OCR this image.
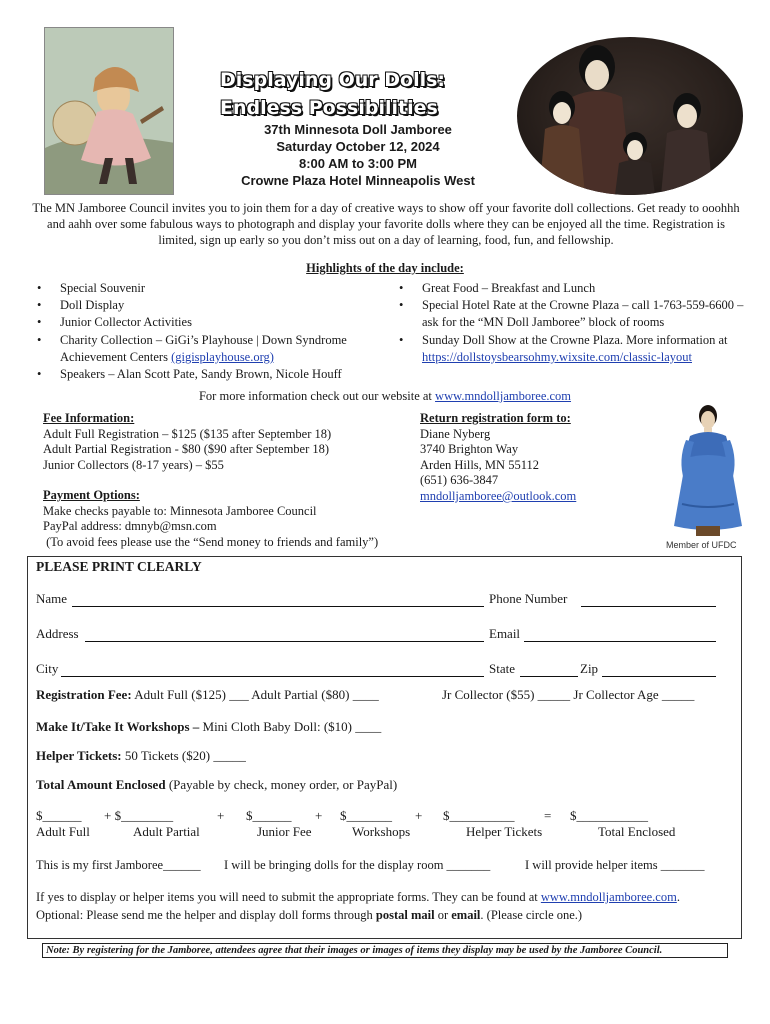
Displaying Our Dolls:
Endless Possibilities
37th Minnesota Doll Jamboree
Saturday October 12, 2024
8:00 AM to 3:00 PM
Crowne Plaza Hotel Minneapolis West
The MN Jamboree Council invites you to join them for a day of creative ways to show off your favorite doll collections. Get ready to ooohhh and aahh over some fabulous ways to photograph and display your favorite dolls where they can be enjoyed all the time. Registration is limited, sign up early so you don’t miss out on a day of learning, food, fun, and fellowship.
Highlights of the day include:
• Special Souvenir
• Doll Display
• Junior Collector Activities
• Charity Collection – GiGi’s Playhouse | Down Syndrome Achievement Centers (gigisplayhouse.org)
• Speakers – Alan Scott Pate, Sandy Brown, Nicole Houff
• Great Food – Breakfast and Lunch
• Special Hotel Rate at the Crowne Plaza – call 1-763-559-6600 – ask for the “MN Doll Jamboree” block of rooms
• Sunday Doll Show at the Crowne Plaza. More information at
https://dollstoysbearsohmy.wixsite.com/classic-layout
For more information check out our website at www.mndolljamboree.com
Fee Information:
Adult Full Registration – $125 ($135 after September 18)
Adult Partial Registration - $80 ($90 after September 18)
Junior Collectors (8-17 years) – $55
Return registration form to:
Diane Nyberg
3740 Brighton Way
Arden Hills, MN 55112
(651) 636-3847
mndolljamboree@outlook.com
Payment Options:
Make checks payable to: Minnesota Jamboree Council
PayPal address: dmnyb@msn.com
(To avoid fees please use the “Send money to friends and family”)	Member of UFDC
PLEASE PRINT CLEARLY
Name	Phone Number
Address	Email
City	State	Zip
Registration Fee: Adult Full ($125) ___ Adult Partial ($80) ____	Jr Collector ($55) _____ Jr Collector Age _____
Make It/Take It Workshops – Mini Cloth Baby Doll: ($10) ____
Helper Tickets: 50 Tickets ($20) _____
Total Amount Enclosed (Payable by check, money order, or PayPal)
$______ + $________	+ $______ + $_______ + $__________ = $___________
Adult Full	Adult Partial	Junior Fee	Workshops	Helper Tickets	Total Enclosed
This is my first Jamboree______ I will be bringing dolls for the display room _______	I will provide helper items _______
If yes to display or helper items you will need to submit the appropriate forms. They can be found at www.mndolljamboree.com.
Optional: Please send me the helper and display doll forms through postal mail or email. (Please circle one.)
Note: By registering for the Jamboree, attendees agree that their images or images of items they display may be used by the Jamboree Council.
